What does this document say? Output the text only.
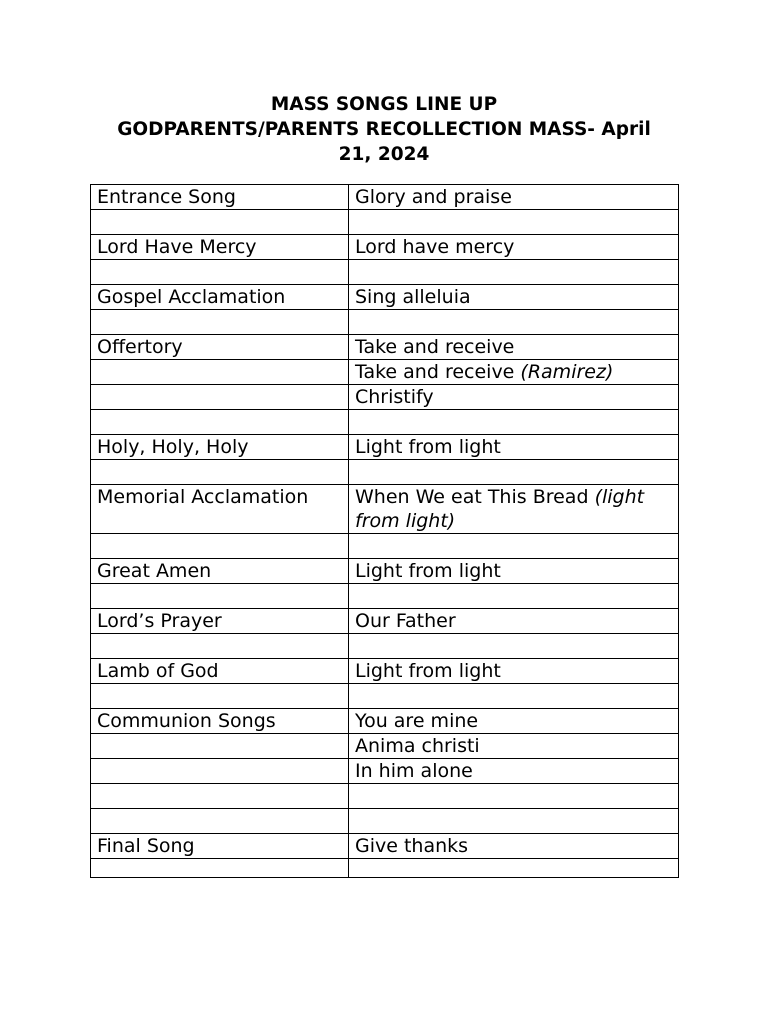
MASS SONGS LINE UP
GODPARENTS/PARENTS RECOLLECTION MASS- April
21, 2024
Entrance Song	Glory and praise

Lord Have Mercy	Lord have mercy

Gospel Acclamation	Sing alleluia

Offertory	Take and receive
	Take and receive (Ramirez)
	Christify

Holy, Holy, Holy	Light from light

Memorial Acclamation	When We eat This Bread (light from light)

Great Amen	Light from light

Lord’s Prayer	Our Father

Lamb of God	Light from light

Communion Songs	You are mine
	Anima christi
	In him alone

Final Song	Give thanks
